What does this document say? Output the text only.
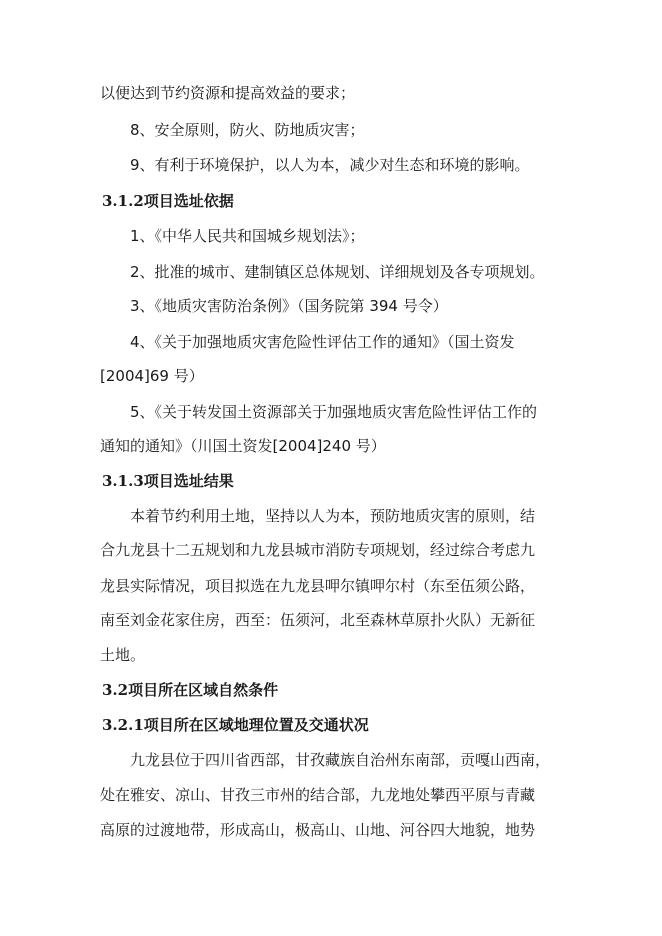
以便达到节约资源和提高效益的要求；
8、安全原则，防火、防地质灾害；
9、有利于环境保护，以人为本，减少对生态和环境的影响。
3.1.2项目选址依据
1、《中华人民共和国城乡规划法》；
2、批准的城市、建制镇区总体规划、详细规划及各专项规划。
3、《地质灾害防治条例》（国务院第 394 号令）
4、《关于加强地质灾害危险性评估工作的通知》（国土资发
[2004]69 号）
5、《关于转发国土资源部关于加强地质灾害危险性评估工作的
通知的通知》（川国土资发[2004]240 号）
3.1.3项目选址结果
本着节约利用土地，坚持以人为本，预防地质灾害的原则，结
合九龙县十二五规划和九龙县城市消防专项规划，经过综合考虑九
龙县实际情况，项目拟选在九龙县呷尔镇呷尔村（东至伍须公路，
南至刘金花家住房，西至：伍须河，北至森林草原扑火队）无新征
土地。
3.2项目所在区域自然条件
3.2.1项目所在区域地理位置及交通状况
九龙县位于四川省西部，甘孜藏族自治州东南部，贡嘎山西南，
处在雅安、凉山、甘孜三市州的结合部，九龙地处攀西平原与青藏
高原的过渡地带，形成高山，极高山、山地、河谷四大地貌，地势
